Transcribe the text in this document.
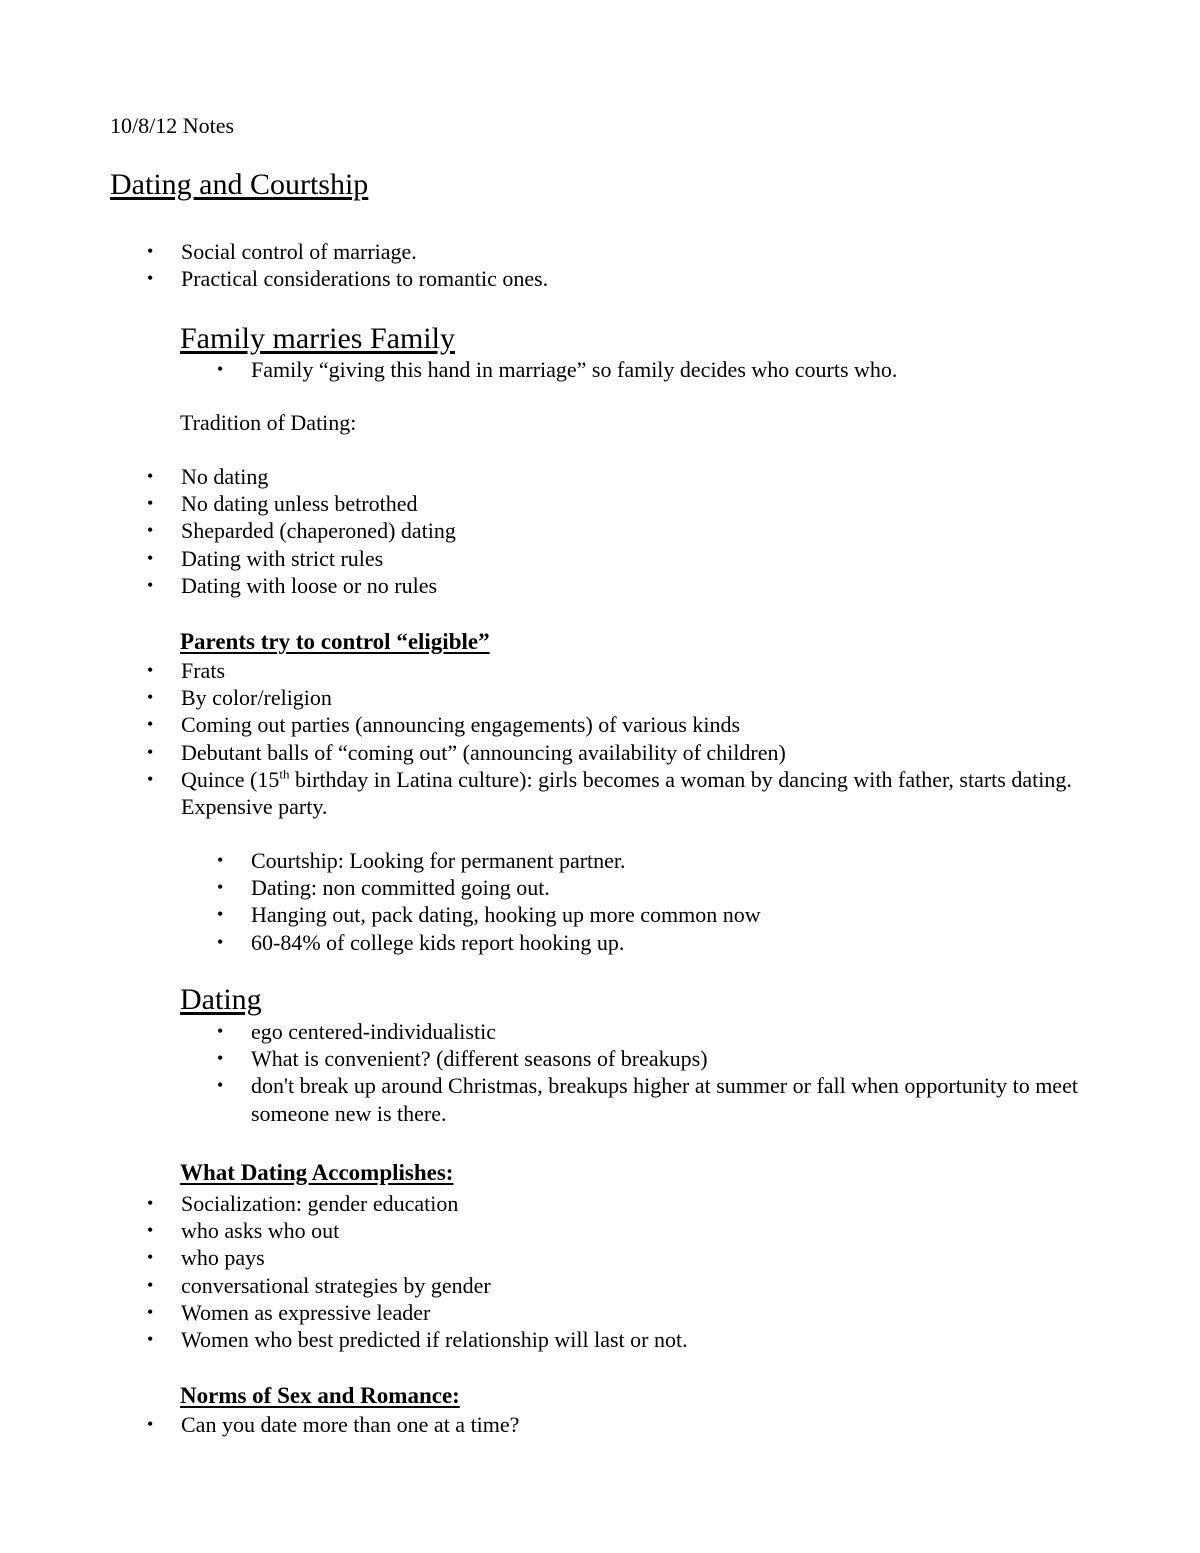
10/8/12 Notes
Dating and Courtship
• Social control of marriage.
• Practical considerations to romantic ones.
Family marries Family
• Family “giving this hand in marriage” so family decides who courts who.
Tradition of Dating:
• No dating
• No dating unless betrothed
• Sheparded (chaperoned) dating
• Dating with strict rules
• Dating with loose or no rules
Parents try to control “eligible”
• Frats
• By color/religion
• Coming out parties (announcing engagements) of various kinds
• Debutant balls of “coming out” (announcing availability of children)
• Quince (15th birthday in Latina culture): girls becomes a woman by dancing with father, starts dating. Expensive party.
• Courtship: Looking for permanent partner.
• Dating: non committed going out.
• Hanging out, pack dating, hooking up more common now
• 60-84% of college kids report hooking up.
Dating
• ego centered-individualistic
• What is convenient? (different seasons of breakups)
• don't break up around Christmas, breakups higher at summer or fall when opportunity to meet someone new is there.
What Dating Accomplishes:
• Socialization: gender education
• who asks who out
• who pays
• conversational strategies by gender
• Women as expressive leader
• Women who best predicted if relationship will last or not.
Norms of Sex and Romance:
• Can you date more than one at a time?
